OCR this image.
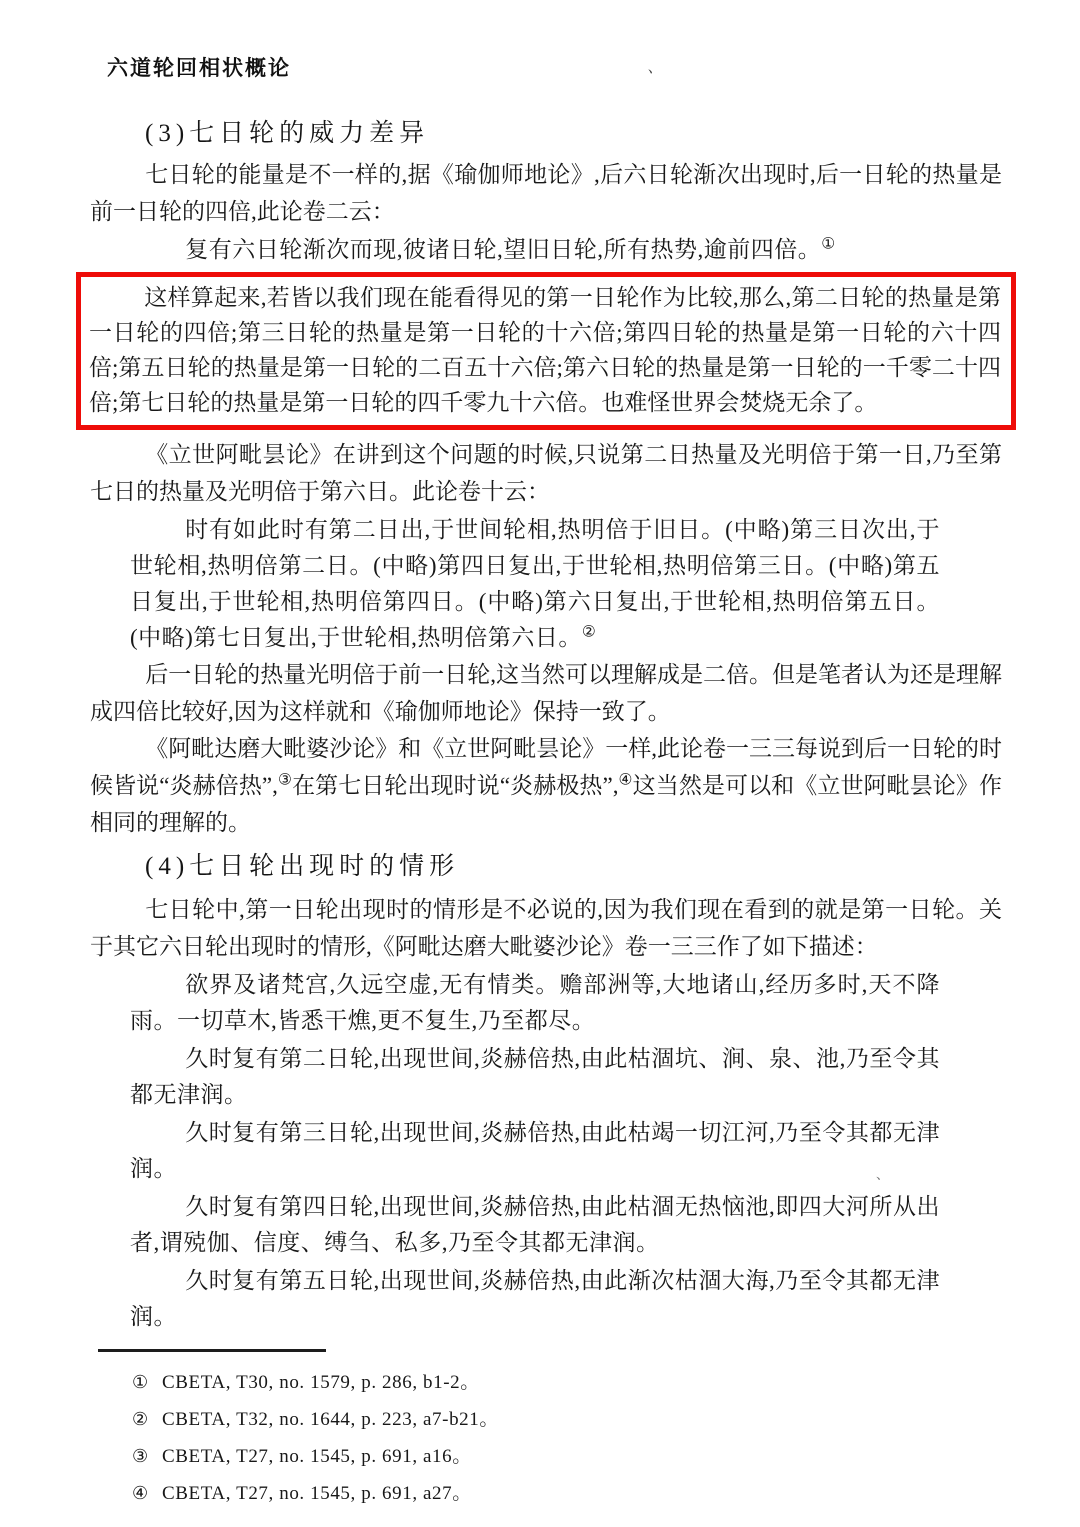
六道轮回相状概论	、
、
(3)七日轮的威力差异

七日轮的能量是不一样的,据《瑜伽师地论》,后六日轮渐次出现时,后一日轮的热量是前一日轮的四倍,此论卷二云：

复有六日轮渐次而现,彼诸日轮,望旧日轮,所有热势,逾前四倍。①

这样算起来,若皆以我们现在能看得见的第一日轮作为比较,那么,第二日轮的热量是第一日轮的四倍;第三日轮的热量是第一日轮的十六倍;第四日轮的热量是第一日轮的六十四倍;第五日轮的热量是第一日轮的二百五十六倍;第六日轮的热量是第一日轮的一千零二十四倍;第七日轮的热量是第一日轮的四千零九十六倍。也难怪世界会焚烧无余了。

《立世阿毗昙论》在讲到这个问题的时候,只说第二日热量及光明倍于第一日,乃至第七日的热量及光明倍于第六日。此论卷十云：

时有如此时有第二日出,于世间轮相,热明倍于旧日。(中略)第三日次出,于世轮相,热明倍第二日。(中略)第四日复出,于世轮相,热明倍第三日。(中略)第五日复出,于世轮相,热明倍第四日。(中略)第六日复出,于世轮相,热明倍第五日。(中略)第七日复出,于世轮相,热明倍第六日。②

后一日轮的热量光明倍于前一日轮,这当然可以理解成是二倍。但是笔者认为还是理解成四倍比较好,因为这样就和《瑜伽师地论》保持一致了。

《阿毗达磨大毗婆沙论》和《立世阿毗昙论》一样,此论卷一三三每说到后一日轮的时候皆说“炎赫倍热”,③在第七日轮出现时说“炎赫极热”,④这当然是可以和《立世阿毗昙论》作相同的理解的。

(4)七日轮出现时的情形

七日轮中,第一日轮出现时的情形是不必说的,因为我们现在看到的就是第一日轮。关于其它六日轮出现时的情形,《阿毗达磨大毗婆沙论》卷一三三作了如下描述：

欲界及诸梵宫,久远空虚,无有情类。赡部洲等,大地诸山,经历多时,天不降雨。一切草木,皆悉干燋,更不复生,乃至都尽。

久时复有第二日轮,出现世间,炎赫倍热,由此枯涸坑、涧、泉、池,乃至令其都无津润。

久时复有第三日轮,出现世间,炎赫倍热,由此枯竭一切江河,乃至令其都无津润。

久时复有第四日轮,出现世间,炎赫倍热,由此枯涸无热恼池,即四大河所从出者,谓殑伽、信度、缚刍、私多,乃至令其都无津润。

久时复有第五日轮,出现世间,炎赫倍热,由此渐次枯涸大海,乃至令其都无津润。

① CBETA, T30, no. 1579, p. 286, b1-2。
② CBETA, T32, no. 1644, p. 223, a7-b21。
③ CBETA, T27, no. 1545, p. 691, a16。
④ CBETA, T27, no. 1545, p. 691, a27。
